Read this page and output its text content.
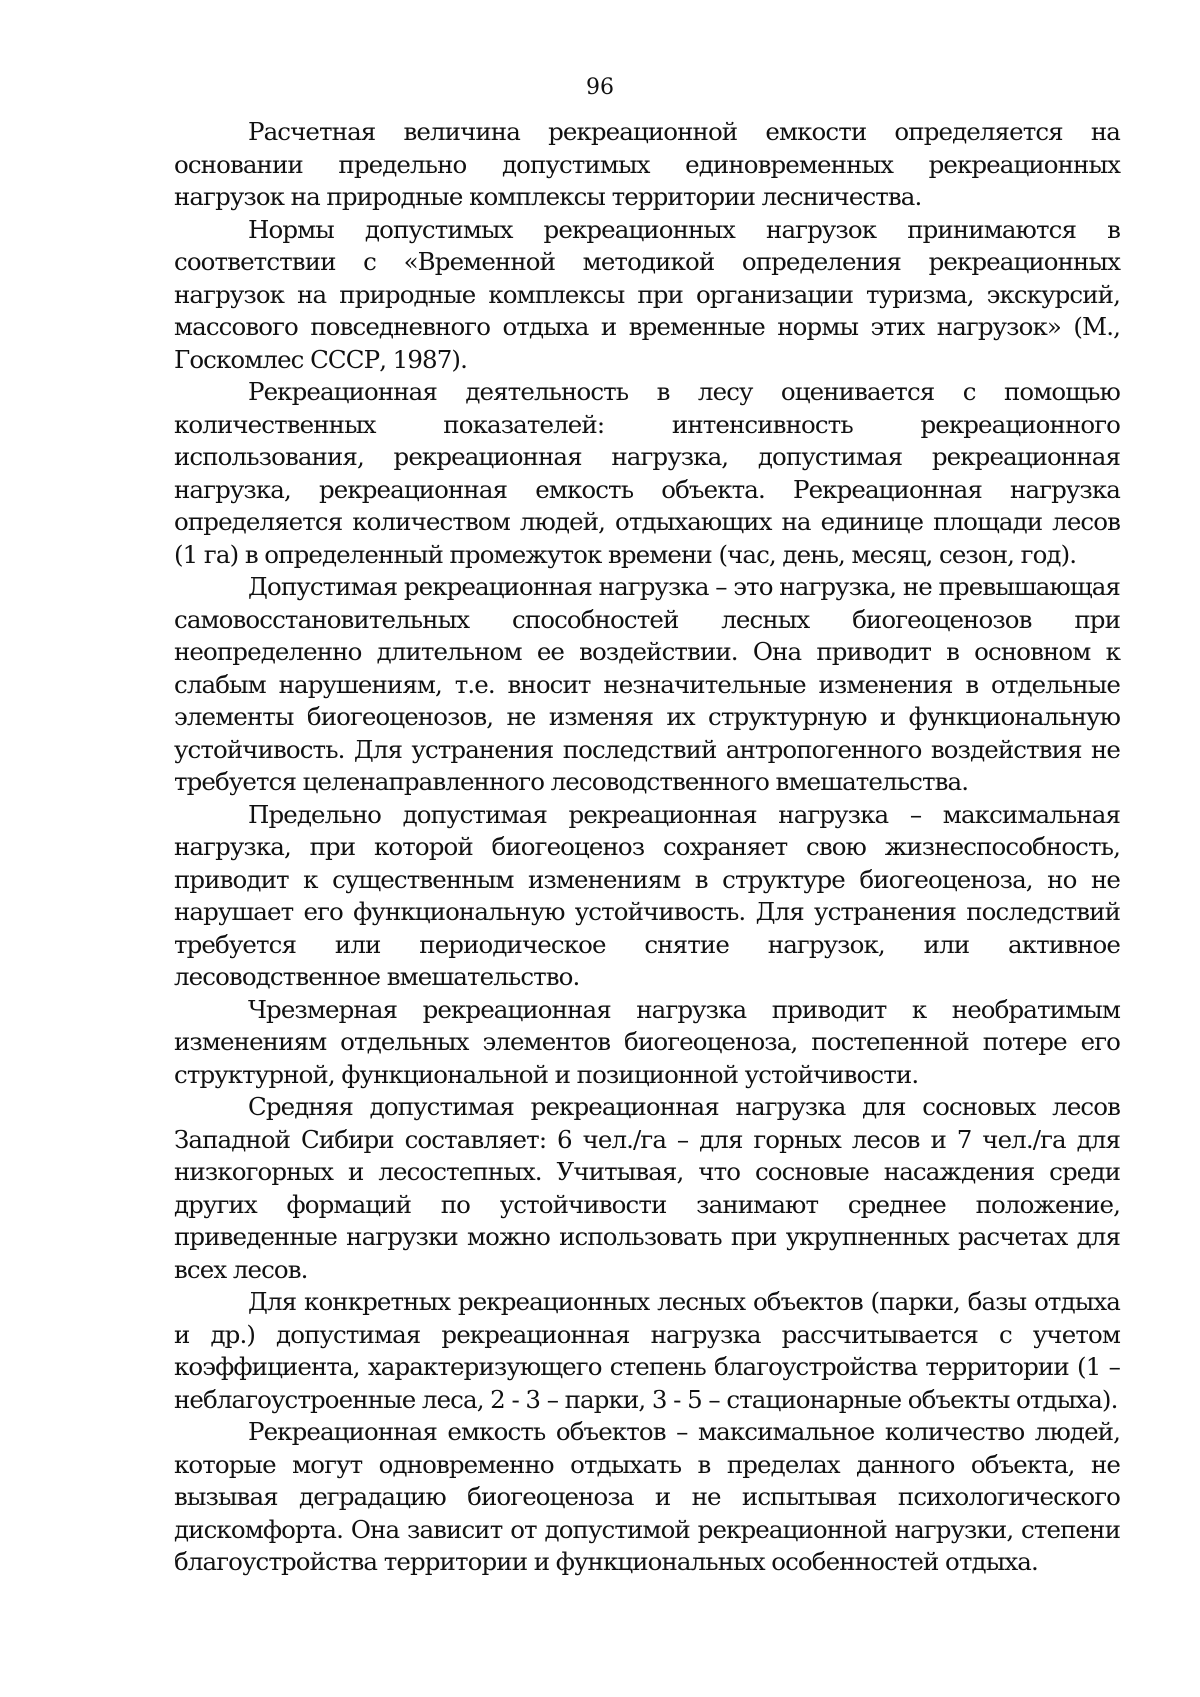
96

Расчетная величина рекреационной емкости определяется на основании предельно допустимых единовременных рекреационных нагрузок на природные комплексы территории лесничества.

Нормы допустимых рекреационных нагрузок принимаются в соответствии с «Временной методикой определения рекреационных нагрузок на природные комплексы при организации туризма, экскурсий, массового повседневного отдыха и временные нормы этих нагрузок» (М., Госкомлес СССР, 1987).

Рекреационная деятельность в лесу оценивается с помощью количественных показателей: интенсивность рекреационного использования, рекреационная нагрузка, допустимая рекреационная нагрузка, рекреационная емкость объекта. Рекреационная нагрузка определяется количеством людей, отдыхающих на единице площади лесов (1 га) в определенный промежуток времени (час, день, месяц, сезон, год).

Допустимая рекреационная нагрузка – это нагрузка, не превышающая самовосстановительных способностей лесных биогеоценозов при неопределенно длительном ее воздействии. Она приводит в основном к слабым нарушениям, т.е. вносит незначительные изменения в отдельные элементы биогеоценозов, не изменяя их структурную и функциональную устойчивость. Для устранения последствий антропогенного воздействия не требуется целенаправленного лесоводственного вмешательства.

Предельно допустимая рекреационная нагрузка – максимальная нагрузка, при которой биогеоценоз сохраняет свою жизнеспособность, приводит к существенным изменениям в структуре биогеоценоза, но не нарушает его функциональную устойчивость. Для устранения последствий требуется или периодическое снятие нагрузок, или активное лесоводственное вмешательство.

Чрезмерная рекреационная нагрузка приводит к необратимым изменениям отдельных элементов биогеоценоза, постепенной потере его структурной, функциональной и позиционной устойчивости.

Средняя допустимая рекреационная нагрузка для сосновых лесов Западной Сибири составляет: 6 чел./га – для горных лесов и 7 чел./га для низкогорных и лесостепных. Учитывая, что сосновые насаждения среди других формаций по устойчивости занимают среднее положение, приведенные нагрузки можно использовать при укрупненных расчетах для всех лесов.

Для конкретных рекреационных лесных объектов (парки, базы отдыха и др.) допустимая рекреационная нагрузка рассчитывается с учетом коэффициента, характеризующего степень благоустройства территории (1 – неблагоустроенные леса, 2 - 3 – парки, 3 - 5 – стационарные объекты отдыха).

Рекреационная емкость объектов – максимальное количество людей, которые могут одновременно отдыхать в пределах данного объекта, не вызывая деградацию биогеоценоза и не испытывая психологического дискомфорта. Она зависит от допустимой рекреационной нагрузки, степени благоустройства территории и функциональных особенностей отдыха.
